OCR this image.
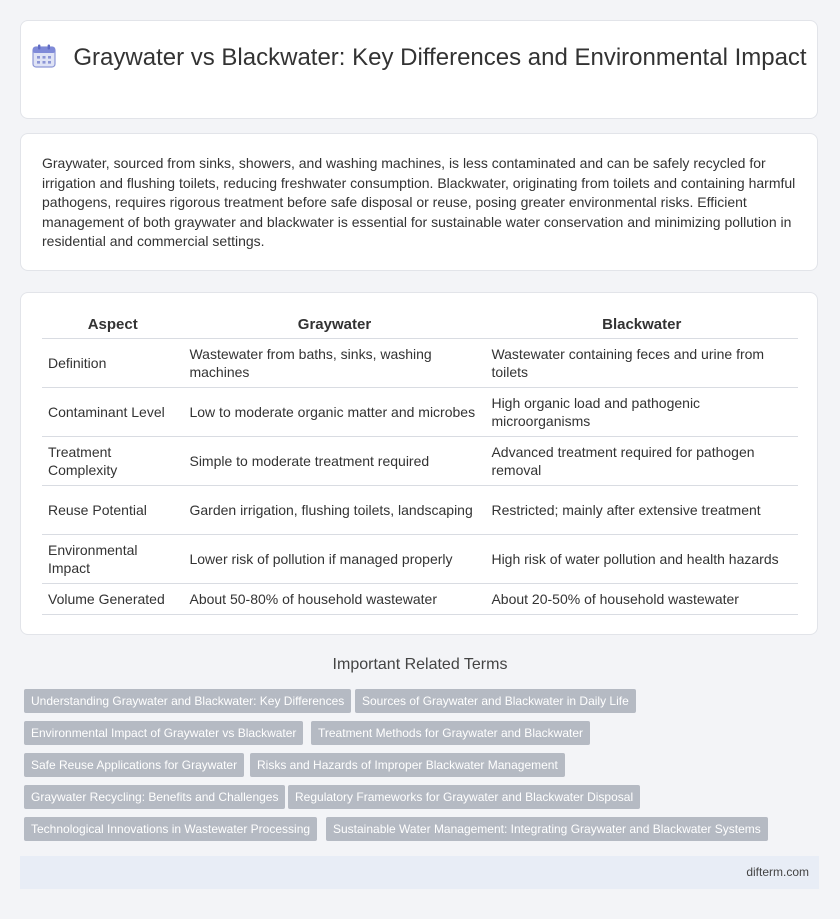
Graywater vs Blackwater: Key Differences and Environmental Impact

Graywater, sourced from sinks, showers, and washing machines, is less contaminated and can be safely recycled for irrigation and flushing toilets, reducing freshwater consumption. Blackwater, originating from toilets and containing harmful pathogens, requires rigorous treatment before safe disposal or reuse, posing greater environmental risks. Efficient management of both graywater and blackwater is essential for sustainable water conservation and minimizing pollution in residential and commercial settings.

Aspect	Graywater	Blackwater
Definition	Wastewater from baths, sinks, washing machines	Wastewater containing feces and urine from toilets
Contaminant Level	Low to moderate organic matter and microbes	High organic load and pathogenic microorganisms
Treatment Complexity	Simple to moderate treatment required	Advanced treatment required for pathogen removal
Reuse Potential	Garden irrigation, flushing toilets, landscaping	Restricted; mainly after extensive treatment
Environmental Impact	Lower risk of pollution if managed properly	High risk of water pollution and health hazards
Volume Generated	About 50-80% of household wastewater	About 20-50% of household wastewater
Important Related Terms
Understanding Graywater and Blackwater: Key Differences	Sources of Graywater and Blackwater in Daily Life
Environmental Impact of Graywater vs Blackwater	Treatment Methods for Graywater and Blackwater
Safe Reuse Applications for Graywater	Risks and Hazards of Improper Blackwater Management
Graywater Recycling: Benefits and Challenges	Regulatory Frameworks for Graywater and Blackwater Disposal
Technological Innovations in Wastewater Processing	Sustainable Water Management: Integrating Graywater and Blackwater Systems
difterm.com
